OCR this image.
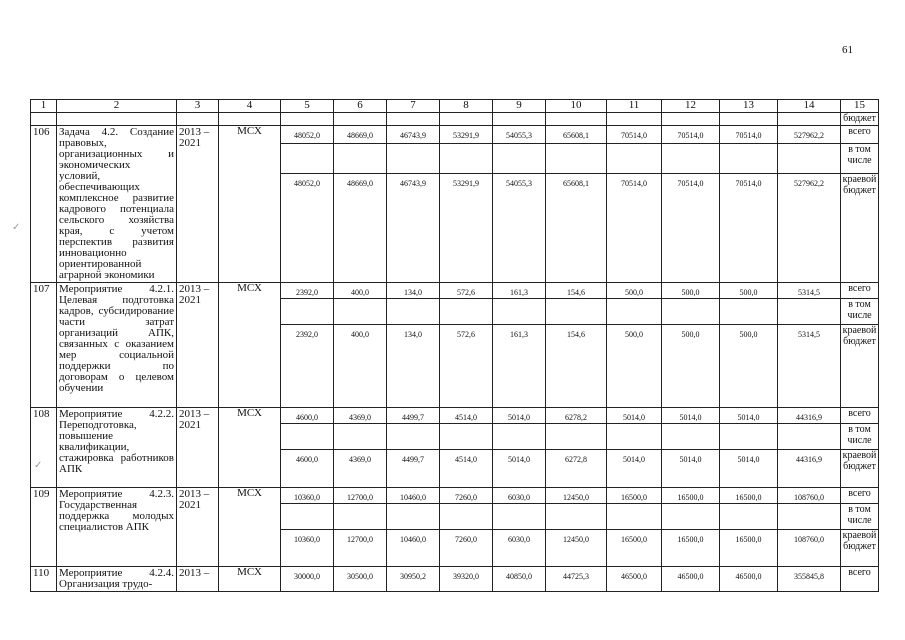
61
✓
✓
1	2	3	4	5	6	7	8	9	10	11	12	13	14	15
														бюджет
106	Задача 4.2. Создание правовых, организационных и экономических условий, обеспечивающих комплексное развитие кадрового потенциала сельского хозяйства края, с учетом перспектив развития инновационно ориентированной аграрной экономики	2013 – 2021	МСХ	48052,0	48669,0	46743,9	53291,9	54055,3	65608,1	70514,0	70514,0	70514,0	527962,2	всего
														в том числе
				48052,0	48669,0	46743,9	53291,9	54055,3	65608,1	70514,0	70514,0	70514,0	527962,2	краевой бюджет
107	Мероприятие 4.2.1. Целевая подготовка кадров, субсидирование части затрат организаций АПК, связанных с оказанием мер социальной поддержки по договорам о целевом обучении	2013 – 2021	МСХ	2392,0	400,0	134,0	572,6	161,3	154,6	500,0	500,0	500,0	5314,5	всего
														в том числе
				2392,0	400,0	134,0	572,6	161,3	154,6	500,0	500,0	500,0	5314,5	краевой бюджет
108	Мероприятие 4.2.2. Переподготовка, повышение квалификации, стажировка работников АПК	2013 – 2021	МСХ	4600,0	4369,0	4499,7	4514,0	5014,0	6278,2	5014,0	5014,0	5014,0	44316,9	всего
														в том числе
				4600,0	4369,0	4499,7	4514,0	5014,0	6272,8	5014,0	5014,0	5014,0	44316,9	краевой бюджет
109	Мероприятие 4.2.3. Государственная поддержка молодых специалистов АПК	2013 – 2021	МСХ	10360,0	12700,0	10460,0	7260,0	6030,0	12450,0	16500,0	16500,0	16500,0	108760,0	всего
														в том числе
				10360,0	12700,0	10460,0	7260,0	6030,0	12450,0	16500,0	16500,0	16500,0	108760,0	краевой бюджет
110	Мероприятие 4.2.4. Организация трудо-	2013 –	МСХ	30000,0	30500,0	30950,2	39320,0	40850,0	44725,3	46500,0	46500,0	46500,0	355845,8	всего
